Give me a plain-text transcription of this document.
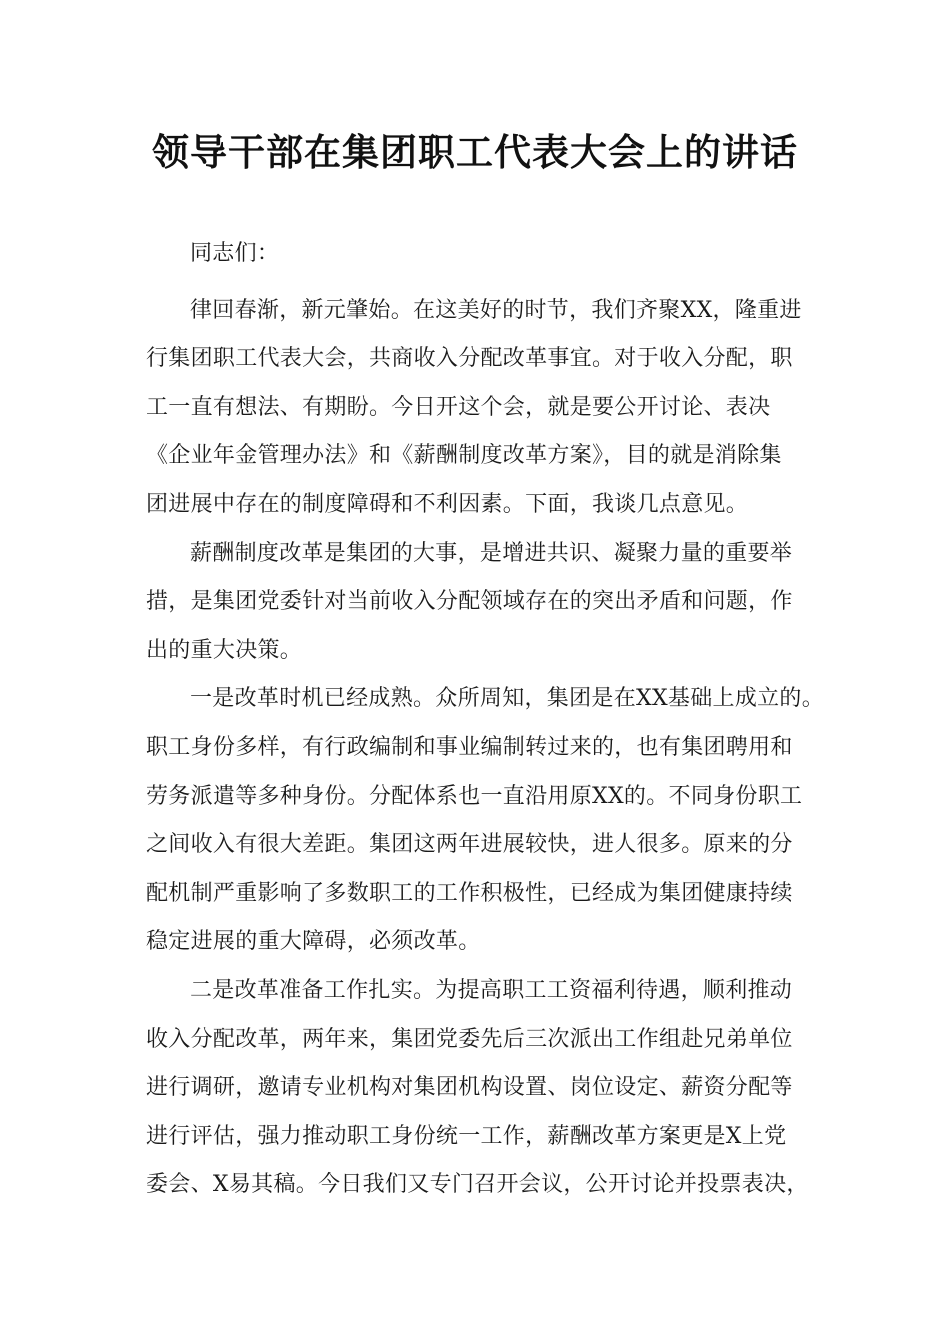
领导干部在集团职工代表大会上的讲话
同志们：
律回春渐，新元肇始。在这美好的时节，我们齐聚XX，隆重进
行集团职工代表大会，共商收入分配改革事宜。对于收入分配，职
工一直有想法、有期盼。今日开这个会，就是要公开讨论、表决
《企业年金管理办法》和《薪酬制度改革方案》，目的就是消除集
团进展中存在的制度障碍和不利因素。下面，我谈几点意见。
薪酬制度改革是集团的大事，是增进共识、凝聚力量的重要举
措，是集团党委针对当前收入分配领域存在的突出矛盾和问题，作
出的重大决策。
一是改革时机已经成熟。众所周知，集团是在XX基础上成立的。
职工身份多样，有行政编制和事业编制转过来的，也有集团聘用和
劳务派遣等多种身份。分配体系也一直沿用原XX的。不同身份职工
之间收入有很大差距。集团这两年进展较快，进人很多。原来的分
配机制严重影响了多数职工的工作积极性，已经成为集团健康持续
稳定进展的重大障碍，必须改革。
二是改革准备工作扎实。为提高职工工资福利待遇，顺利推动
收入分配改革，两年来，集团党委先后三次派出工作组赴兄弟单位
进行调研，邀请专业机构对集团机构设置、岗位设定、薪资分配等
进行评估，强力推动职工身份统一工作，薪酬改革方案更是X上党
委会、X易其稿。今日我们又专门召开会议，公开讨论并投票表决，
